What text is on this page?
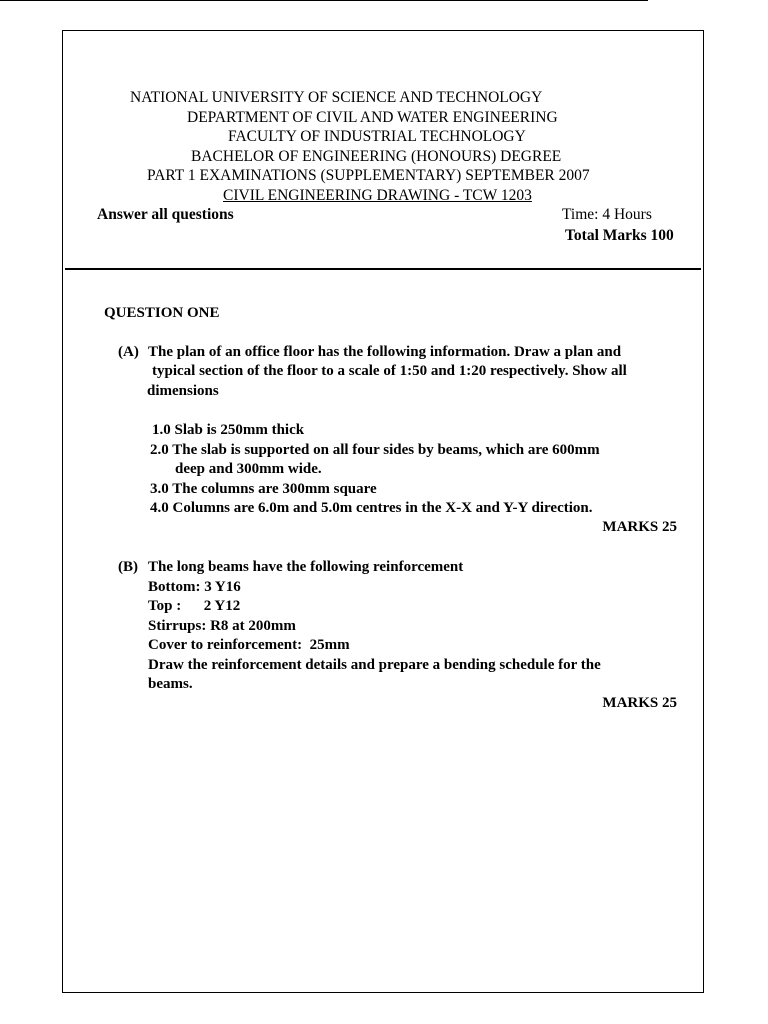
NATIONAL UNIVERSITY OF SCIENCE AND TECHNOLOGY
DEPARTMENT OF CIVIL AND WATER ENGINEERING
FACULTY OF INDUSTRIAL TECHNOLOGY
BACHELOR OF ENGINEERING (HONOURS) DEGREE
PART 1 EXAMINATIONS (SUPPLEMENTARY) SEPTEMBER 2007
CIVIL ENGINEERING DRAWING - TCW 1203
Answer all questions	Time: 4 Hours
Total Marks 100
QUESTION ONE
(A) The plan of an office floor has the following information. Draw a plan and
typical section of the floor to a scale of 1:50 and 1:20 respectively. Show all
dimensions
1.0 Slab is 250mm thick
2.0 The slab is supported on all four sides by beams, which are 600mm
deep and 300mm wide.
3.0 The columns are 300mm square
4.0 Columns are 6.0m and 5.0m centres in the X-X and Y-Y direction.
MARKS 25
(B) The long beams have the following reinforcement
Bottom: 3 Y16
Top :      2 Y12
Stirrups: R8 at 200mm
Cover to reinforcement:  25mm
Draw the reinforcement details and prepare a bending schedule for the
beams.
MARKS 25
